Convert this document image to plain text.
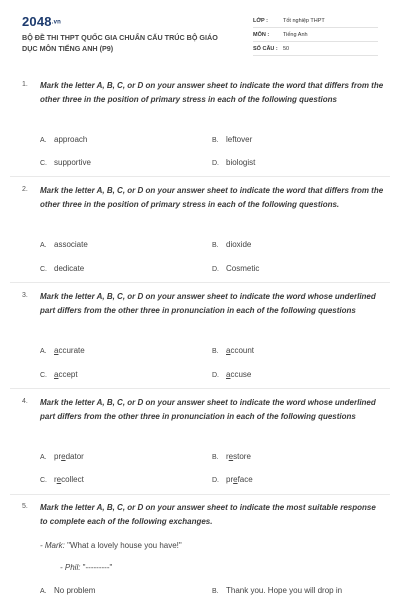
2048.vn
BỘ ĐỀ THI THPT QUỐC GIA CHUẨN CẤU TRÚC BỘ GIÁO DỤC MÔN TIẾNG ANH (P9)
LỚP :	Tốt nghiệp THPT
MÔN :	Tiếng Anh
SỐ CÂU : 50
1. Mark the letter A, B, C, or D on your answer sheet to indicate the word that differs from the other three in the position of primary stress in each of the following questions
A. approach	B. leftover
C. supportive	D. biologist
2. Mark the letter A, B, C, or D on your answer sheet to indicate the word that differs from the other three in the position of primary stress in each of the following questions.
A. associate	B. dioxide
C. dedicate	D. Cosmetic
3. Mark the letter A, B, C, or D on your answer sheet to indicate the word whose underlined part differs from the other three in pronunciation in each of the following questions
A. accurate	B. account
C. accept	D. accuse
4. Mark the letter A, B, C, or D on your answer sheet to indicate the word whose underlined part differs from the other three in pronunciation in each of the following questions
A. predator	B. restore
C. recollect	D. preface
5. Mark the letter A, B, C, or D on your answer sheet to indicate the most suitable response to complete each of the following exchanges.
- Mark: "What a lovely house you have!"
- Phil: "---------"
A. No problem	B. Thank you. Hope you will drop in
